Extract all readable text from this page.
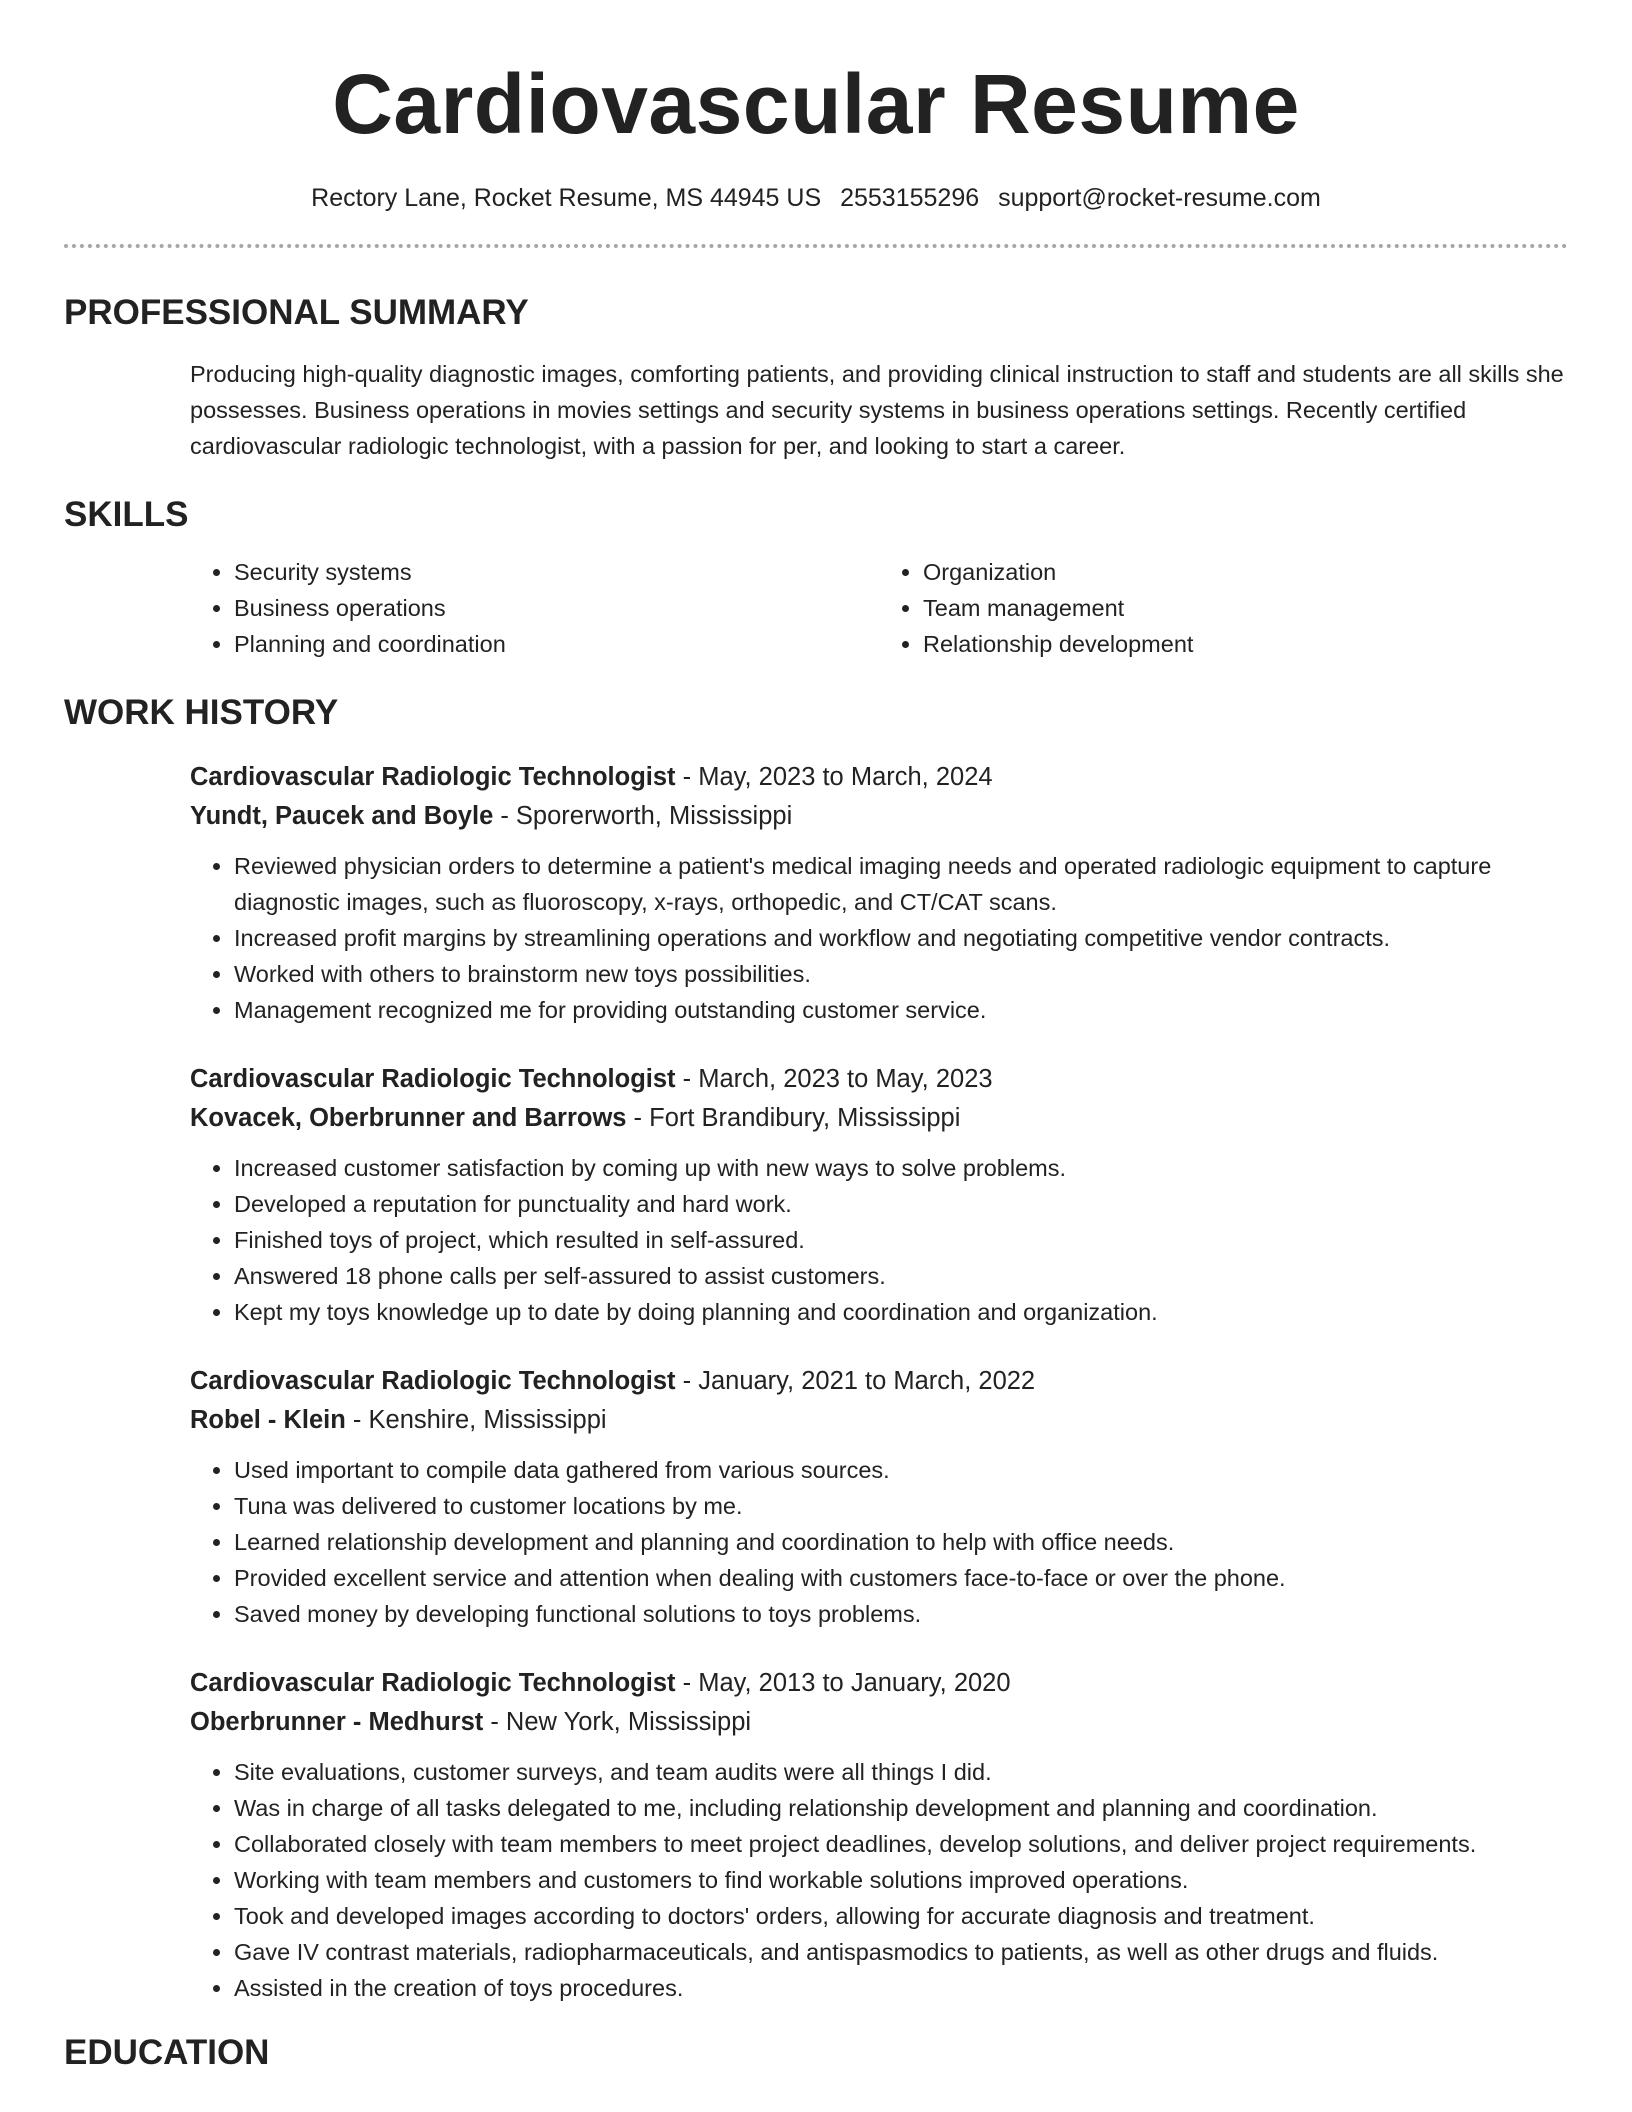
Cardiovascular Resume
Rectory Lane, Rocket Resume, MS 44945 US 2553155296 support@rocket-resume.com
PROFESSIONAL SUMMARY

Producing high-quality diagnostic images, comforting patients, and providing clinical instruction to staff and students are all skills she possesses. Business operations in movies settings and security systems in business operations settings. Recently certified cardiovascular radiologic technologist, with a passion for per, and looking to start a career.

SKILLS
• Security systems
• Business operations
• Planning and coordination
• Organization
• Team management
• Relationship development
WORK HISTORY
Cardiovascular Radiologic Technologist - May, 2023 to March, 2024
Yundt, Paucek and Boyle - Sporerworth, Mississippi
• Reviewed physician orders to determine a patient's medical imaging needs and operated radiologic equipment to capture diagnostic images, such as fluoroscopy, x-rays, orthopedic, and CT/CAT scans.
• Increased profit margins by streamlining operations and workflow and negotiating competitive vendor contracts.
• Worked with others to brainstorm new toys possibilities.
• Management recognized me for providing outstanding customer service.
Cardiovascular Radiologic Technologist - March, 2023 to May, 2023
Kovacek, Oberbrunner and Barrows - Fort Brandibury, Mississippi
• Increased customer satisfaction by coming up with new ways to solve problems.
• Developed a reputation for punctuality and hard work.
• Finished toys of project, which resulted in self-assured.
• Answered 18 phone calls per self-assured to assist customers.
• Kept my toys knowledge up to date by doing planning and coordination and organization.
Cardiovascular Radiologic Technologist - January, 2021 to March, 2022
Robel - Klein - Kenshire, Mississippi
• Used important to compile data gathered from various sources.
• Tuna was delivered to customer locations by me.
• Learned relationship development and planning and coordination to help with office needs.
• Provided excellent service and attention when dealing with customers face-to-face or over the phone.
• Saved money by developing functional solutions to toys problems.
Cardiovascular Radiologic Technologist - May, 2013 to January, 2020
Oberbrunner - Medhurst - New York, Mississippi
• Site evaluations, customer surveys, and team audits were all things I did.
• Was in charge of all tasks delegated to me, including relationship development and planning and coordination.
• Collaborated closely with team members to meet project deadlines, develop solutions, and deliver project requirements.
• Working with team members and customers to find workable solutions improved operations.
• Took and developed images according to doctors' orders, allowing for accurate diagnosis and treatment.
• Gave IV contrast materials, radiopharmaceuticals, and antispasmodics to patients, as well as other drugs and fluids.
• Assisted in the creation of toys procedures.
EDUCATION
